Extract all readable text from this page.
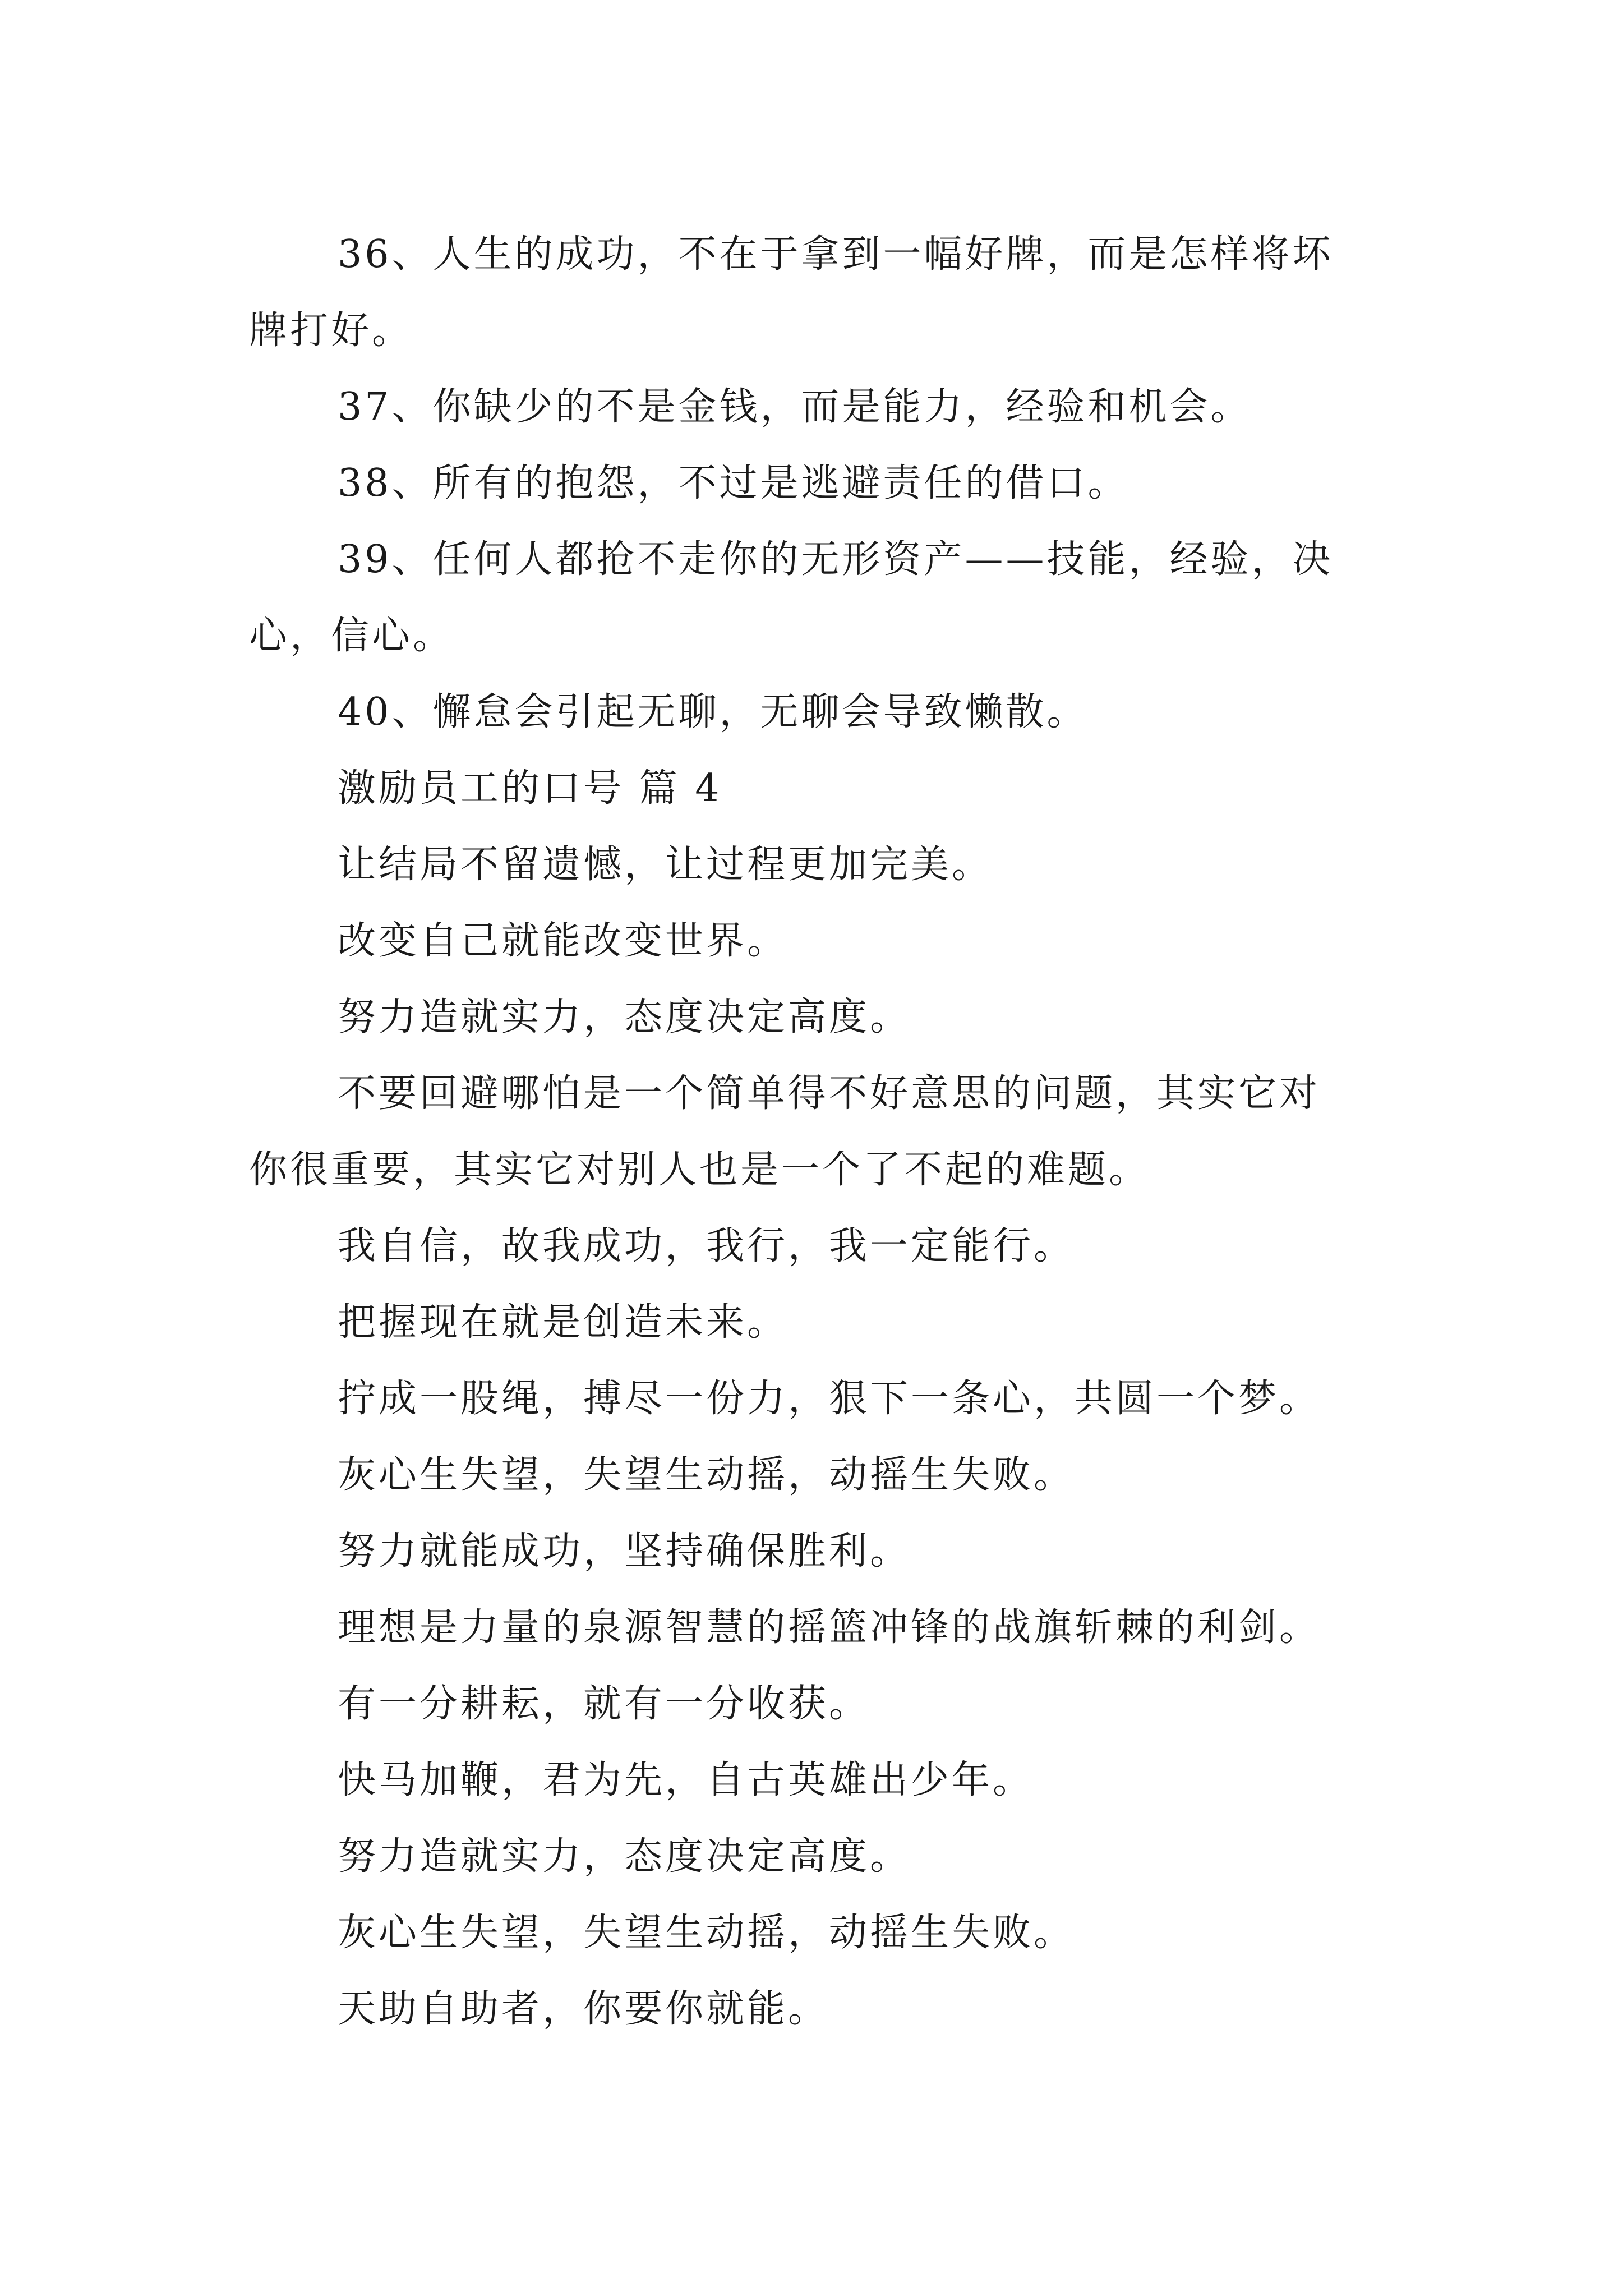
36、人生的成功，不在于拿到一幅好牌，而是怎样将坏
牌打好。
37、你缺少的不是金钱，而是能力，经验和机会。
38、所有的抱怨，不过是逃避责任的借口。
39、任何人都抢不走你的无形资产——技能，经验，决
心，信心。
40、懈怠会引起无聊，无聊会导致懒散。
激励员工的口号 篇 4
让结局不留遗憾，让过程更加完美。
改变自己就能改变世界。
努力造就实力，态度决定高度。
不要回避哪怕是一个简单得不好意思的问题，其实它对
你很重要，其实它对别人也是一个了不起的难题。
我自信，故我成功，我行，我一定能行。
把握现在就是创造未来。
拧成一股绳，搏尽一份力，狠下一条心，共圆一个梦。
灰心生失望，失望生动摇，动摇生失败。
努力就能成功，坚持确保胜利。
理想是力量的泉源智慧的摇篮冲锋的战旗斩棘的利剑。
有一分耕耘，就有一分收获。
快马加鞭，君为先，自古英雄出少年。
努力造就实力，态度决定高度。
灰心生失望，失望生动摇，动摇生失败。
天助自助者，你要你就能。
